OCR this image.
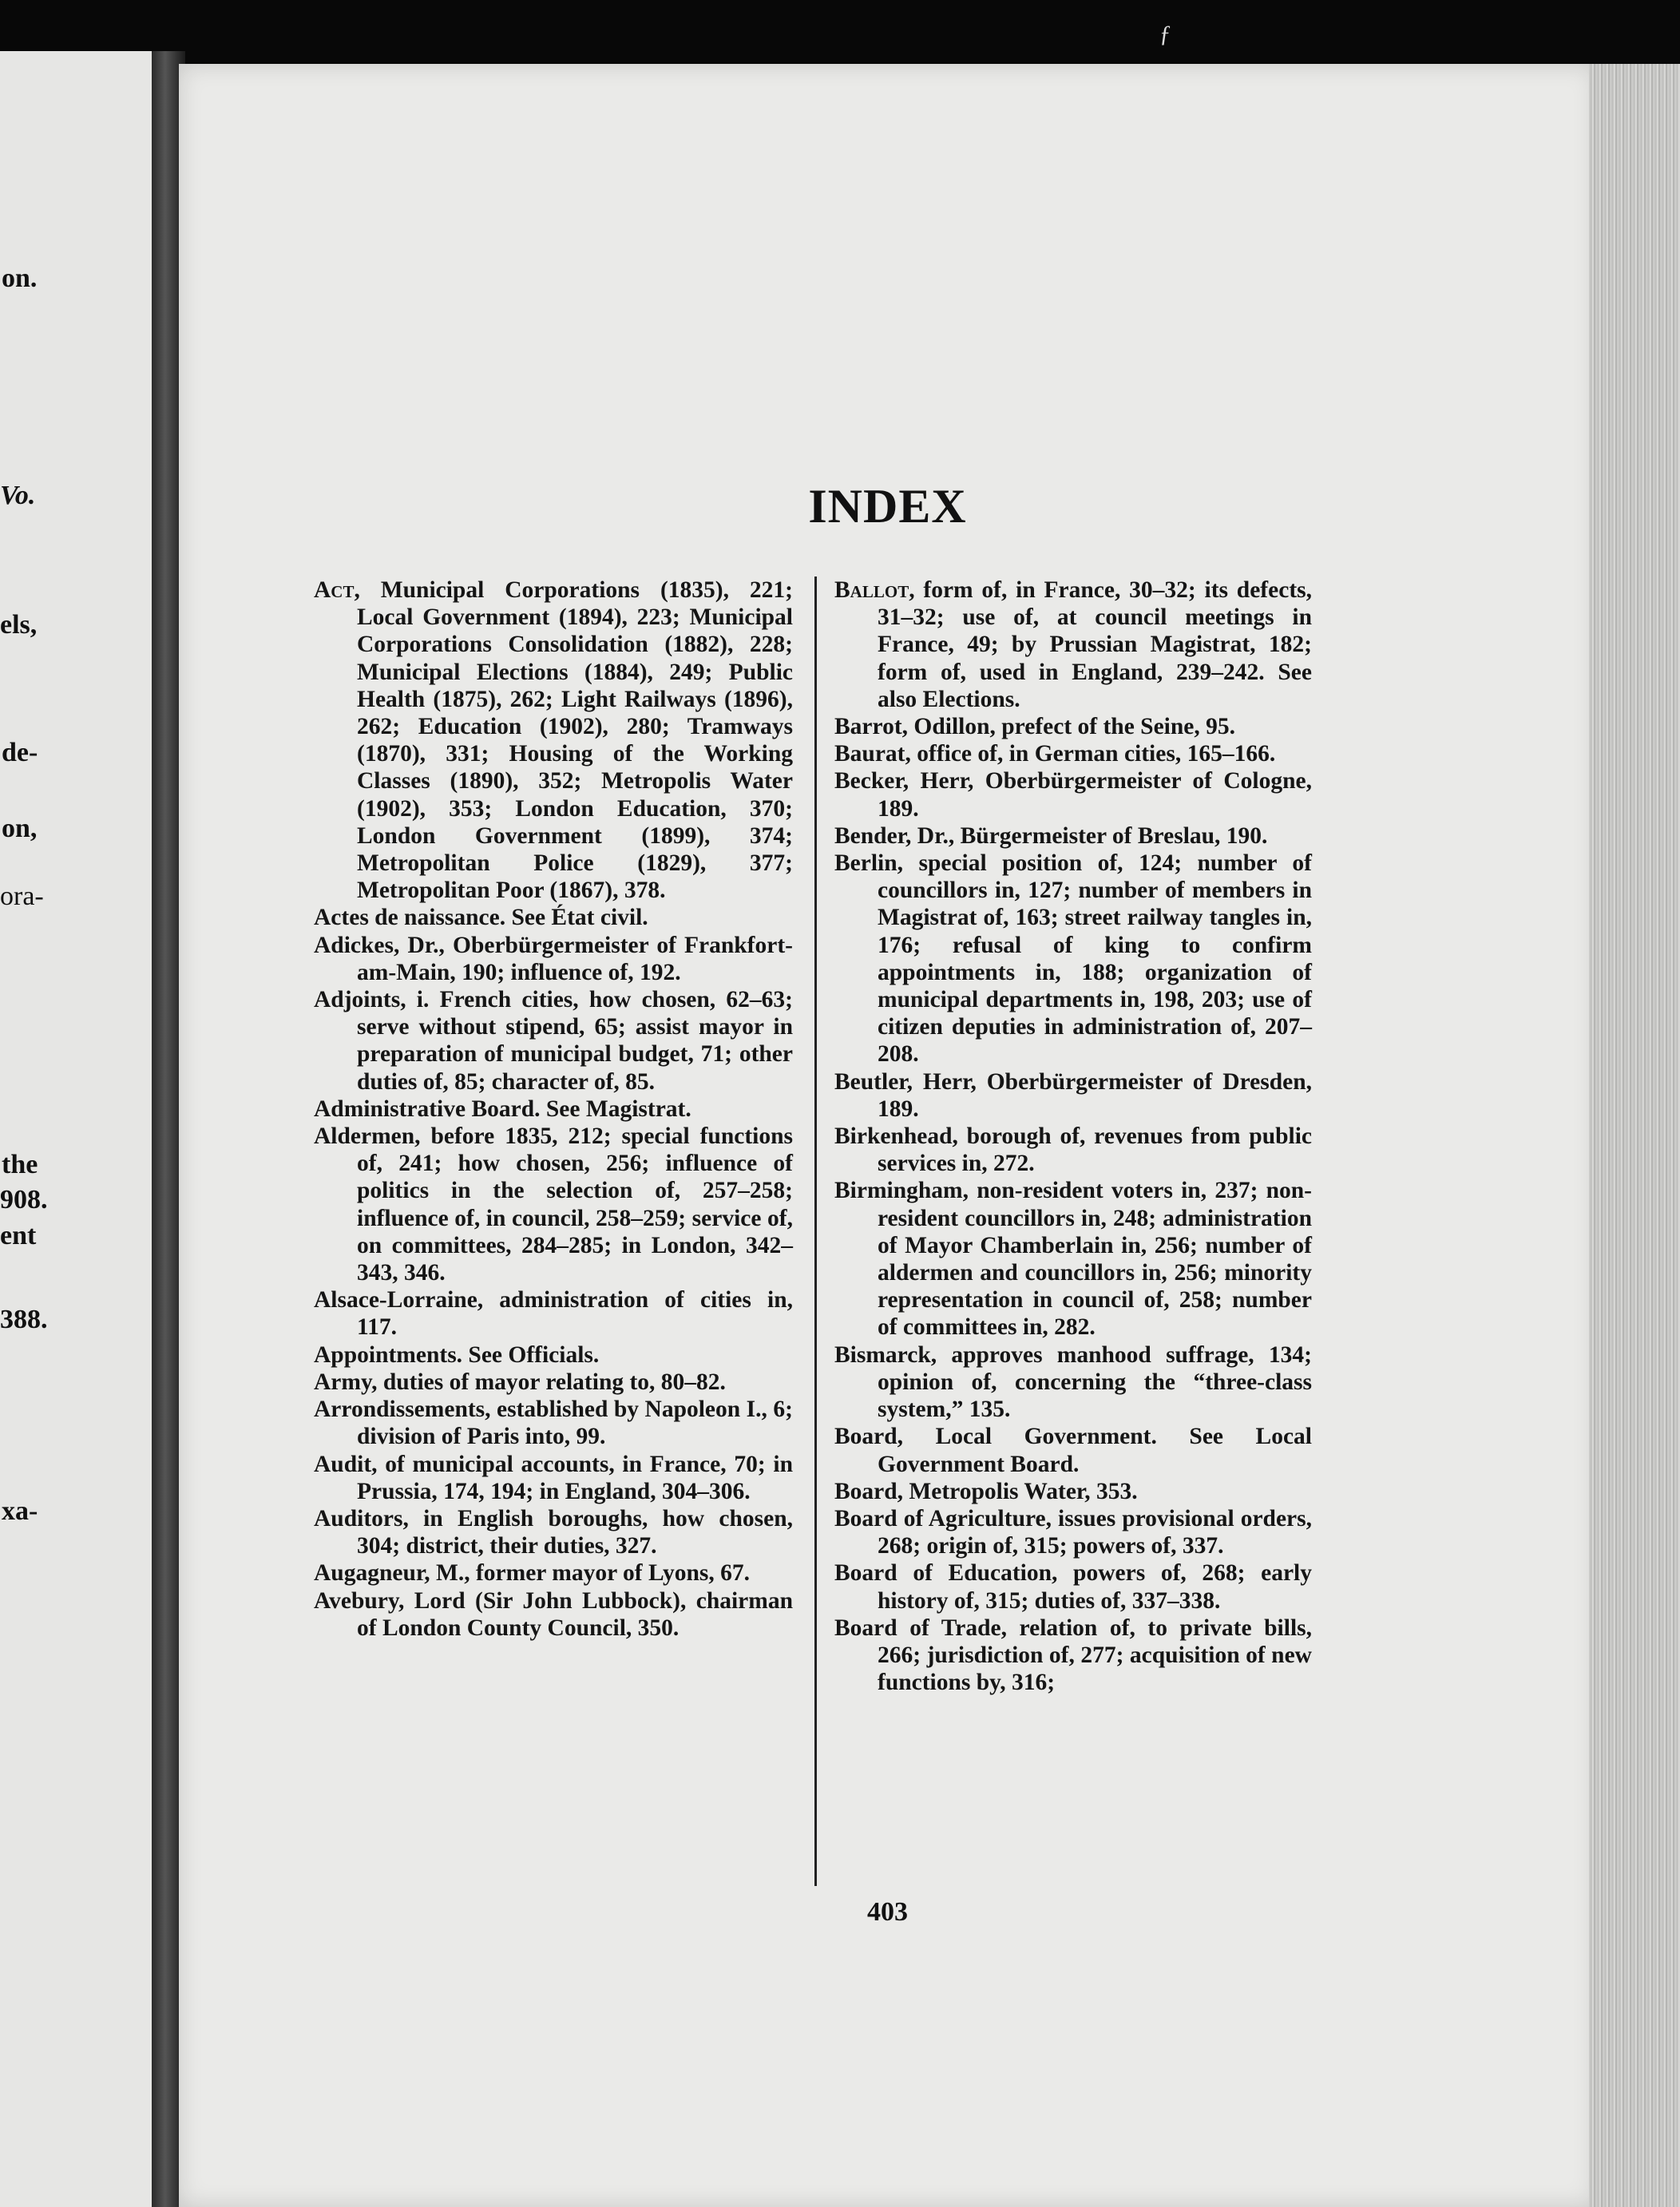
ƒ
on.
Vo.
els,
de-
on,
ora-
the
908.
ent
388.
xa-
INDEX

Act, Municipal Corporations (1835), 221; Local Government (1894), 223; Municipal Corporations Consolidation (1882), 228; Municipal Elections (1884), 249; Public Health (1875), 262; Light Railways (1896), 262; Education (1902), 280; Tramways (1870), 331; Housing of the Working Classes (1890), 352; Metropolis Water (1902), 353; London Education, 370; London Government (1899), 374; Metropolitan Police (1829), 377; Metropolitan Poor (1867), 378.

Actes de naissance. See État civil.

Adickes, Dr., Oberbürgermeister of Frankfort-am-Main, 190; influence of, 192.

Adjoints, i. French cities, how chosen, 62–63; serve without stipend, 65; assist mayor in preparation of municipal budget, 71; other duties of, 85; character of, 85.

Administrative Board. See Magistrat.

Aldermen, before 1835, 212; special functions of, 241; how chosen, 256; influence of politics in the selection of, 257–258; influence of, in council, 258–259; service of, on committees, 284–285; in London, 342–343, 346.

Alsace-Lorraine, administration of cities in, 117.

Appointments. See Officials.

Army, duties of mayor relating to, 80–82.

Arrondissements, established by Napoleon I., 6; division of Paris into, 99.

Audit, of municipal accounts, in France, 70; in Prussia, 174, 194; in England, 304–306.

Auditors, in English boroughs, how chosen, 304; district, their duties, 327.

Augagneur, M., former mayor of Lyons, 67.

Avebury, Lord (Sir John Lubbock), chairman of London County Council, 350.

Ballot, form of, in France, 30–32; its defects, 31–32; use of, at council meetings in France, 49; by Prussian Magistrat, 182; form of, used in England, 239–242. See also Elections.

Barrot, Odillon, prefect of the Seine, 95.

Baurat, office of, in German cities, 165–166.

Becker, Herr, Oberbürgermeister of Cologne, 189.

Bender, Dr., Bürgermeister of Breslau, 190.

Berlin, special position of, 124; number of councillors in, 127; number of members in Magistrat of, 163; street railway tangles in, 176; refusal of king to confirm appointments in, 188; organization of municipal departments in, 198, 203; use of citizen deputies in administration of, 207–208.

Beutler, Herr, Oberbürgermeister of Dresden, 189.

Birkenhead, borough of, revenues from public services in, 272.

Birmingham, non-resident voters in, 237; non-resident councillors in, 248; administration of Mayor Chamberlain in, 256; number of aldermen and councillors in, 256; minority representation in council of, 258; number of committees in, 282.

Bismarck, approves manhood suffrage, 134; opinion of, concerning the “three-class system,” 135.

Board, Local Government. See Local Government Board.

Board, Metropolis Water, 353.

Board of Agriculture, issues provisional orders, 268; origin of, 315; powers of, 337.

Board of Education, powers of, 268; early history of, 315; duties of, 337–338.

Board of Trade, relation of, to private bills, 266; jurisdiction of, 277; acquisition of new functions by, 316;

403
